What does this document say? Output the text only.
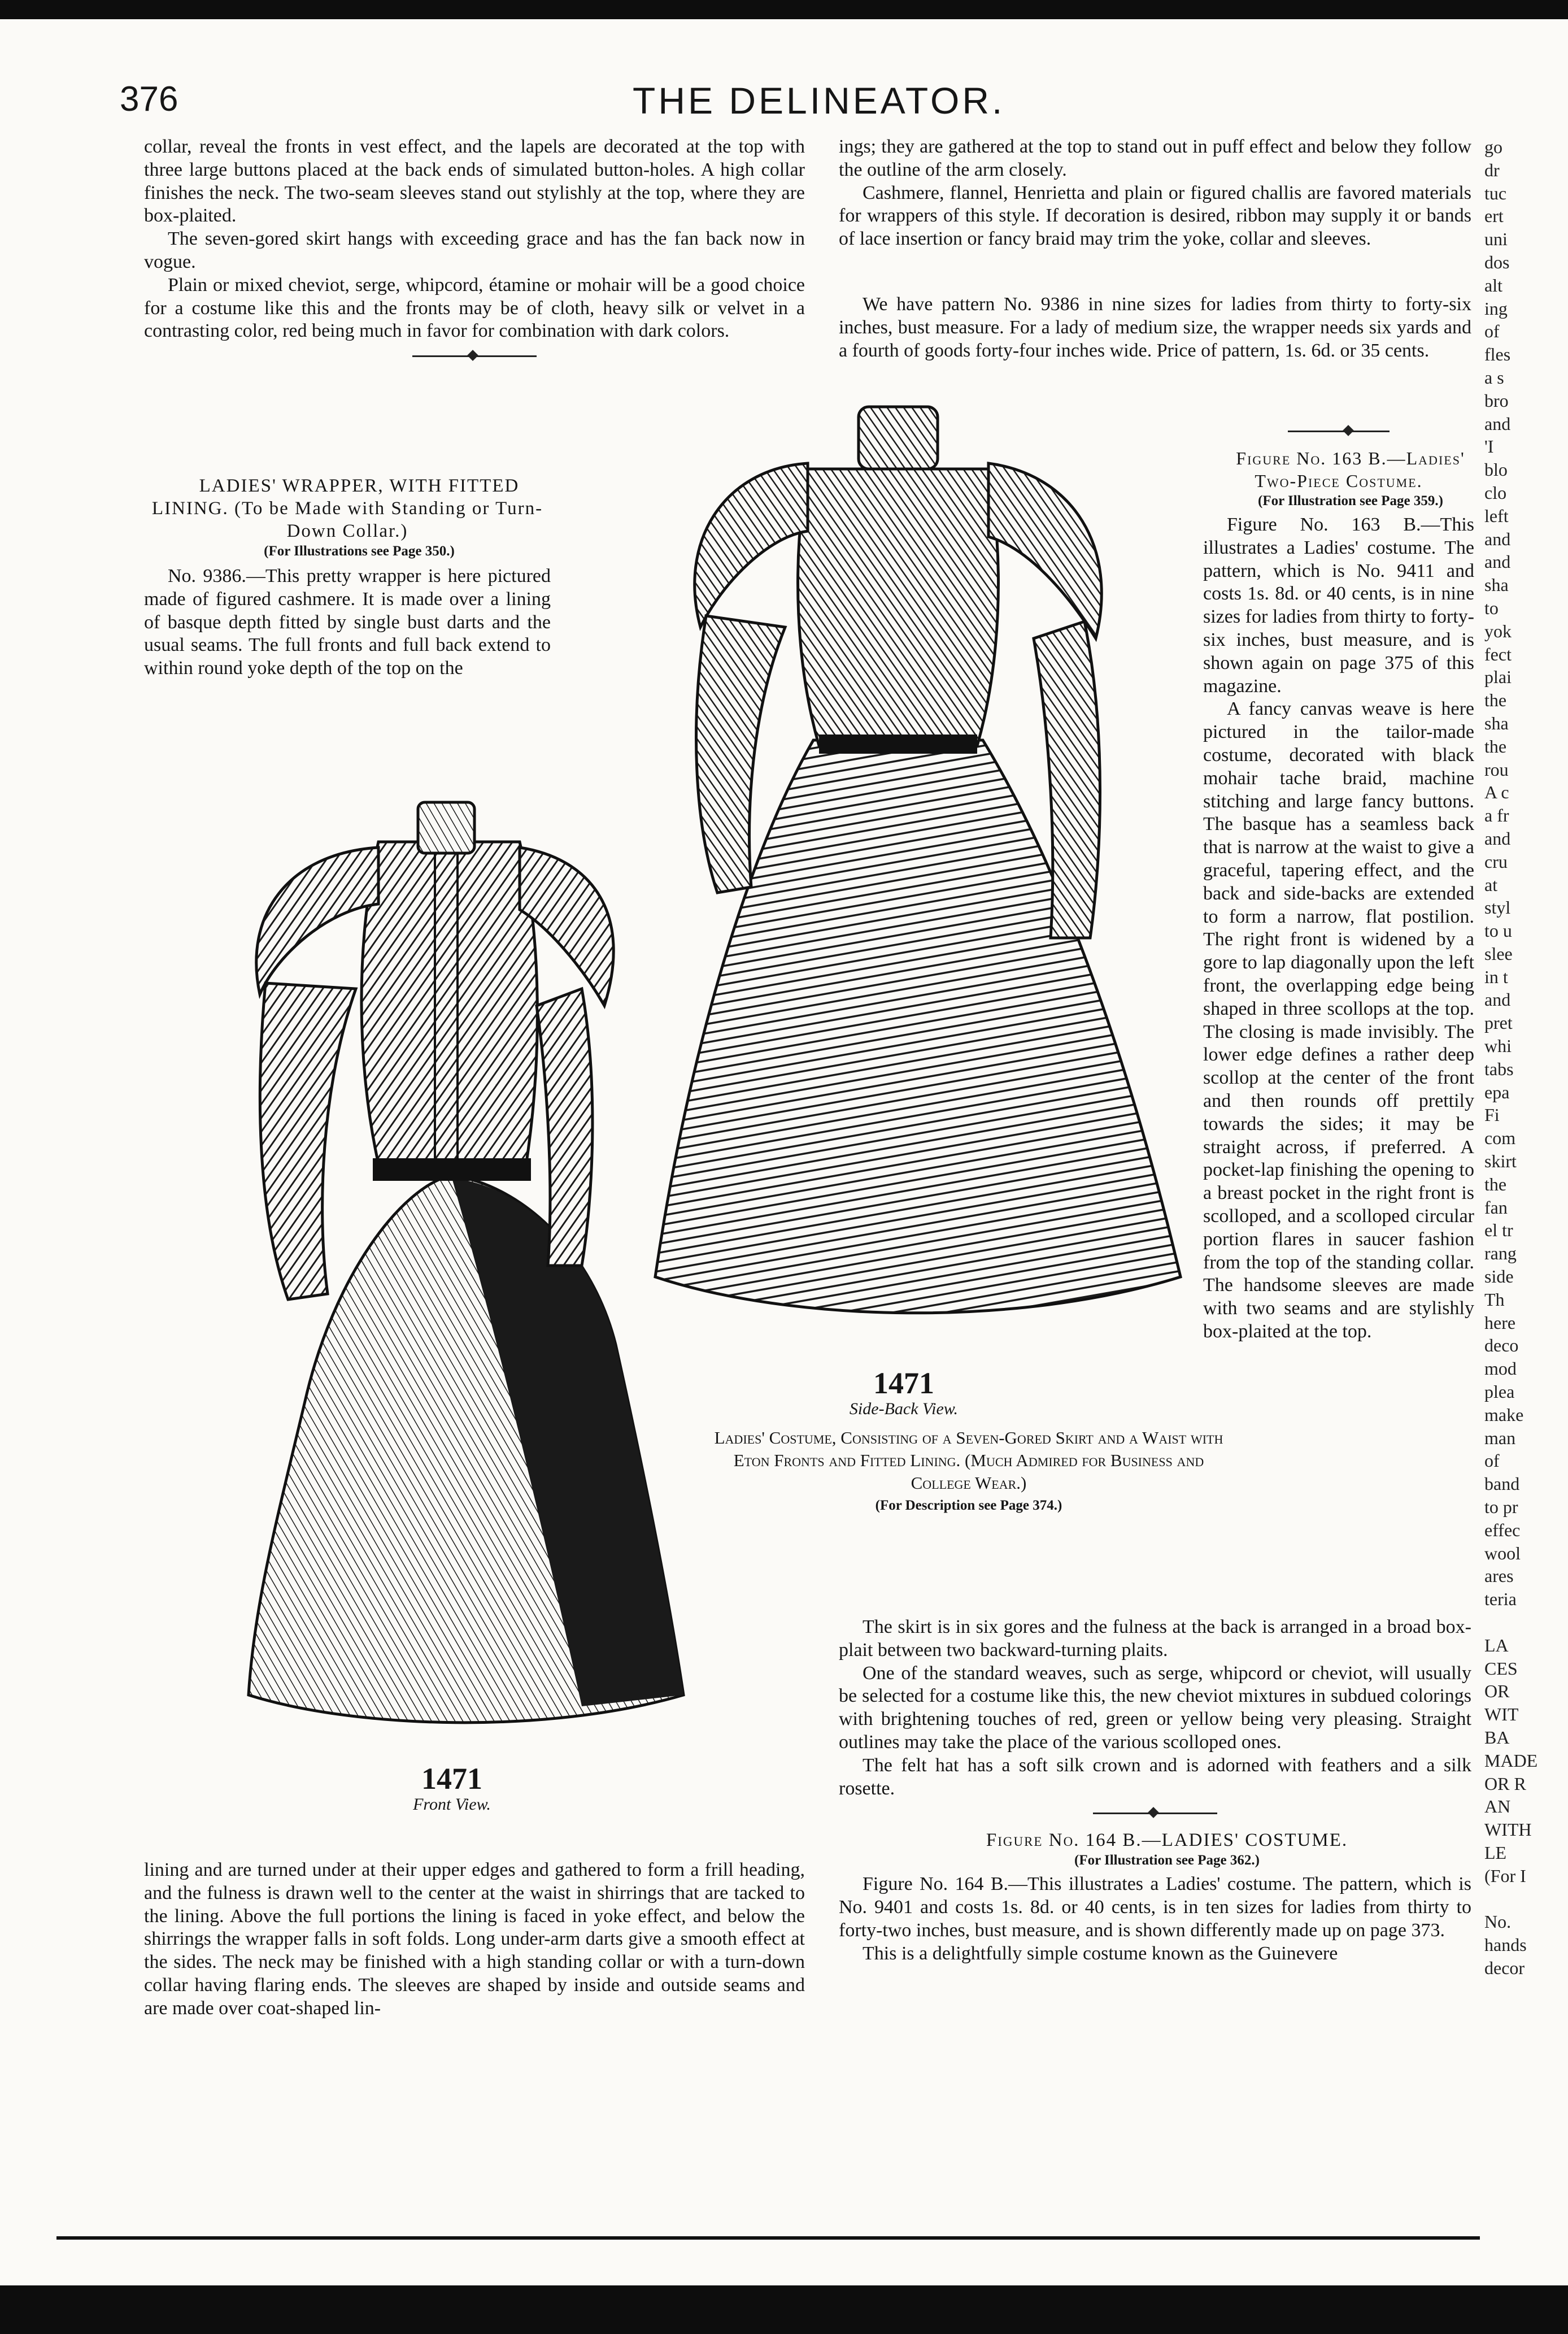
376	THE DELINEATOR.

collar, reveal the fronts in vest effect, and the lapels are decorated at the top with three large buttons placed at the back ends of simulated button-holes. A high collar finishes the neck. The two-seam sleeves stand out stylishly at the top, where they are box-plaited.

The seven-gored skirt hangs with exceeding grace and has the fan back now in vogue.

Plain or mixed cheviot, serge, whipcord, étamine or mohair will be a good choice for a costume like this and the fronts may be of cloth, heavy silk or velvet in a contrasting color, red being much in favor for combination with dark colors.

LADIES' WRAPPER, WITH FITTED LINING. (To be Made with Standing or Turn-Down Collar.)

(For Illustrations see Page 350.)

No. 9386.—This pretty wrapper is here pictured made of figured cashmere. It is made over a lining of basque depth fitted by single bust darts and the usual seams. The full fronts and full back extend to within round yoke depth of the top on the

1471
Front View.
1471
Side-Back View.
Ladies' Costume, Consisting of a Seven-Gored Skirt and a Waist with Eton Fronts and Fitted Lining. (Much Admired for Business and College Wear.)
(For Description see Page 374.)

ings; they are gathered at the top to stand out in puff effect and below they follow the outline of the arm closely.

Cashmere, flannel, Henrietta and plain or figured challis are favored materials for wrappers of this style. If decoration is desired, ribbon may supply it or bands of lace insertion or fancy braid may trim the yoke, collar and sleeves.

We have pattern No. 9386 in nine sizes for ladies from thirty to forty-six inches, bust measure. For a lady of medium size, the wrapper needs six yards and a fourth of goods forty-four inches wide. Price of pattern, 1s. 6d. or 35 cents.

Figure No. 163 B.—Ladies' Two-Piece Costume.

(For Illustration see Page 359.)

Figure No. 163 B.—This illustrates a Ladies' costume. The pattern, which is No. 9411 and costs 1s. 8d. or 40 cents, is in nine sizes for ladies from thirty to forty-six inches, bust measure, and is shown again on page 375 of this magazine.

A fancy canvas weave is here pictured in the tailor-made costume, decorated with black mohair tache braid, machine stitching and large fancy buttons. The basque has a seamless back that is narrow at the waist to give a graceful, tapering effect, and the back and side-backs are extended to form a narrow, flat postilion. The right front is widened by a gore to lap diagonally upon the left front, the overlapping edge being shaped in three scollops at the top. The closing is made invisibly. The lower edge defines a rather deep scollop at the center of the front and then rounds off prettily towards the sides; it may be straight across, if preferred. A pocket-lap finishing the opening to a breast pocket in the right front is scolloped, and a scolloped circular portion flares in saucer fashion from the top of the standing collar. The handsome sleeves are made with two seams and are stylishly box-plaited at the top.

The skirt is in six gores and the fulness at the back is arranged in a broad box-plait between two backward-turning plaits.

One of the standard weaves, such as serge, whipcord or cheviot, will usually be selected for a costume like this, the new cheviot mixtures in subdued colorings with brightening touches of red, green or yellow being very pleasing. Straight outlines may take the place of the various scolloped ones.

The felt hat has a soft silk crown and is adorned with feathers and a silk rosette.

Figure No. 164 B.—LADIES' COSTUME.

(For Illustration see Page 362.)

Figure No. 164 B.—This illustrates a Ladies' costume. The pattern, which is No. 9401 and costs 1s. 8d. or 40 cents, is in ten sizes for ladies from thirty to forty-two inches, bust measure, and is shown differently made up on page 373.

This is a delightfully simple costume known as the Guinevere

lining and are turned under at their upper edges and gathered to form a frill heading, and the fulness is drawn well to the center at the waist in shirrings that are tacked to the lining. Above the full portions the lining is faced in yoke effect, and below the shirrings the wrapper falls in soft folds. Long under-arm darts give a smooth effect at the sides. The neck may be finished with a high standing collar or with a turn-down collar having flaring ends. The sleeves are shaped by inside and outside seams and are made over coat-shaped lin-

go
dr
tuc
ert
uni
dos
alt
ing
of
fles
a s
bro
and
'I
blo
clo
left
and
and
sha
to
yok
fect
plai
the
sha
the
rou
A c
a fr
and
cru
at
styl
to u
slee
in t
and
pret
whi
tabs
epa
Fi
com
skirt
the
fan
el tr
rang
side
Th
here
deco
mod
plea
make
man
of
band
to pr
effec
wool
ares
teria

LA
CES
OR
WIT
BA
MADE
OR R
AN
WITH
LE
(For I

No.
hands
decor
